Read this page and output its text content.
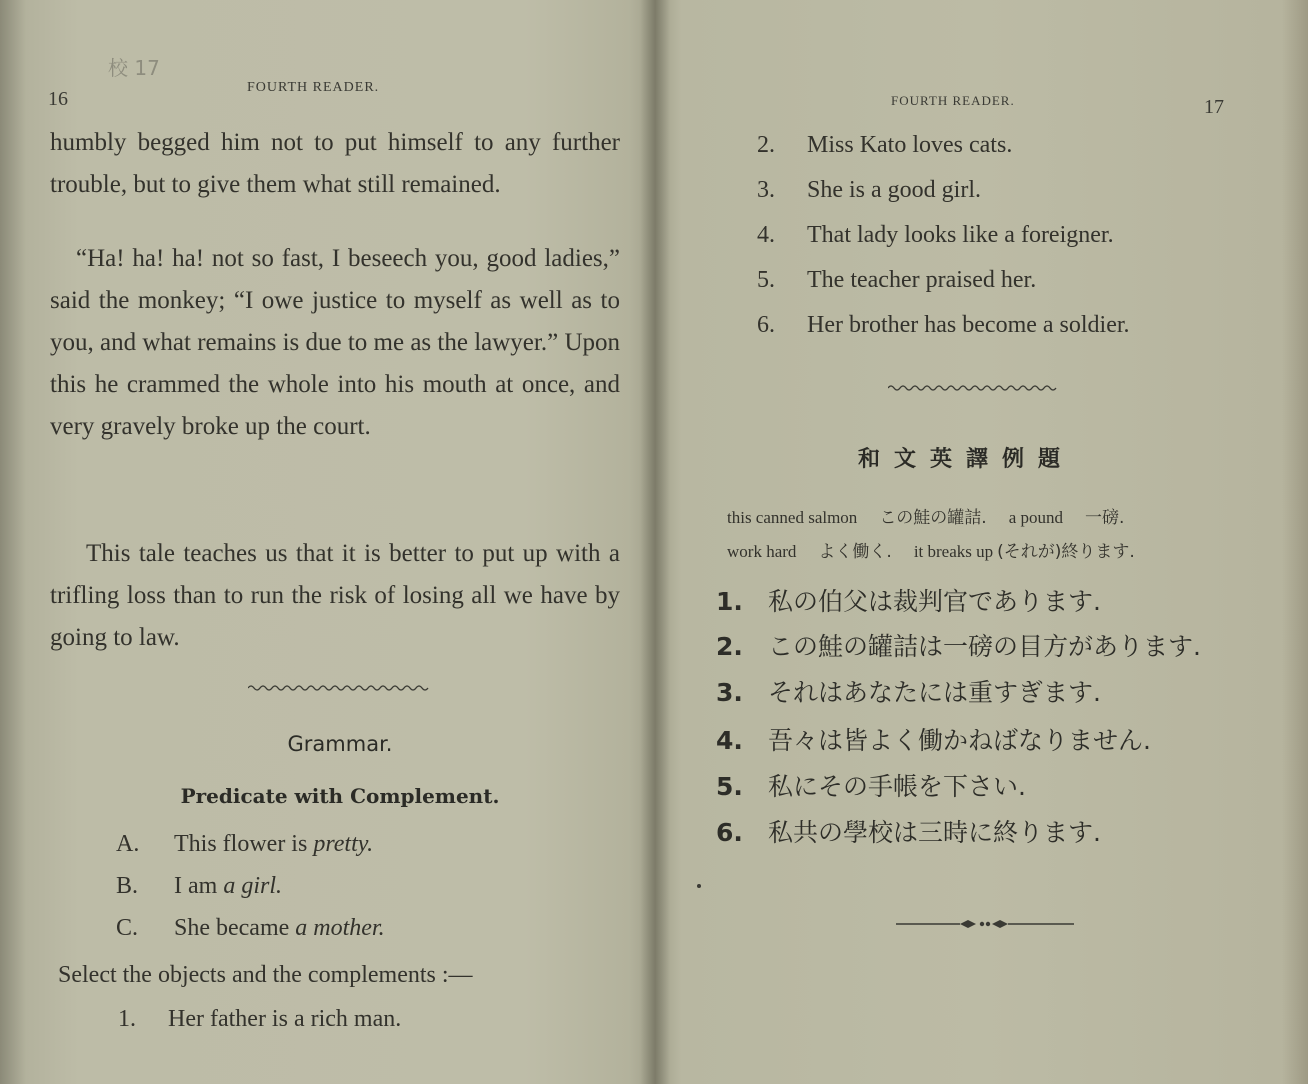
校 17
16
FOURTH READER.
humbly begged him not to put himself to any further trouble, but to give them what still remained.
“Ha! ha! ha! not so fast, I beseech you, good ladies,” said the monkey; “I owe justice to myself as well as to you, and what remains is due to me as the lawyer.” Upon this he crammed the whole into his mouth at once, and very gravely broke up the court.
This tale teaches us that it is better to put up with a trifling loss than to run the risk of losing all we have by going to law.
Grammar.
Predicate with Complement.
A. This flower is pretty.
B. I am a girl.
C. She became a mother.
Select the objects and the complements :—
1. Her father is a rich man.
FOURTH READER.	17
2. Miss Kato loves cats.
3. She is a good girl.
4. That lady looks like a foreigner.
5. The teacher praised her.
6. Her brother has become a soldier.
和文英譯例題
this canned salmon この鮭の罐詰. a pound 一磅.
work hard よく働く. it breaks up (それが)終ります.
1. 私の伯父は裁判官であります.
2. この鮭の罐詰は一磅の目方があります.
3. それはあなたには重すぎます.
4. 吾々は皆よく働かねばなりません.
5. 私にその手帳を下さい.
6. 私共の學校は三時に終ります.
